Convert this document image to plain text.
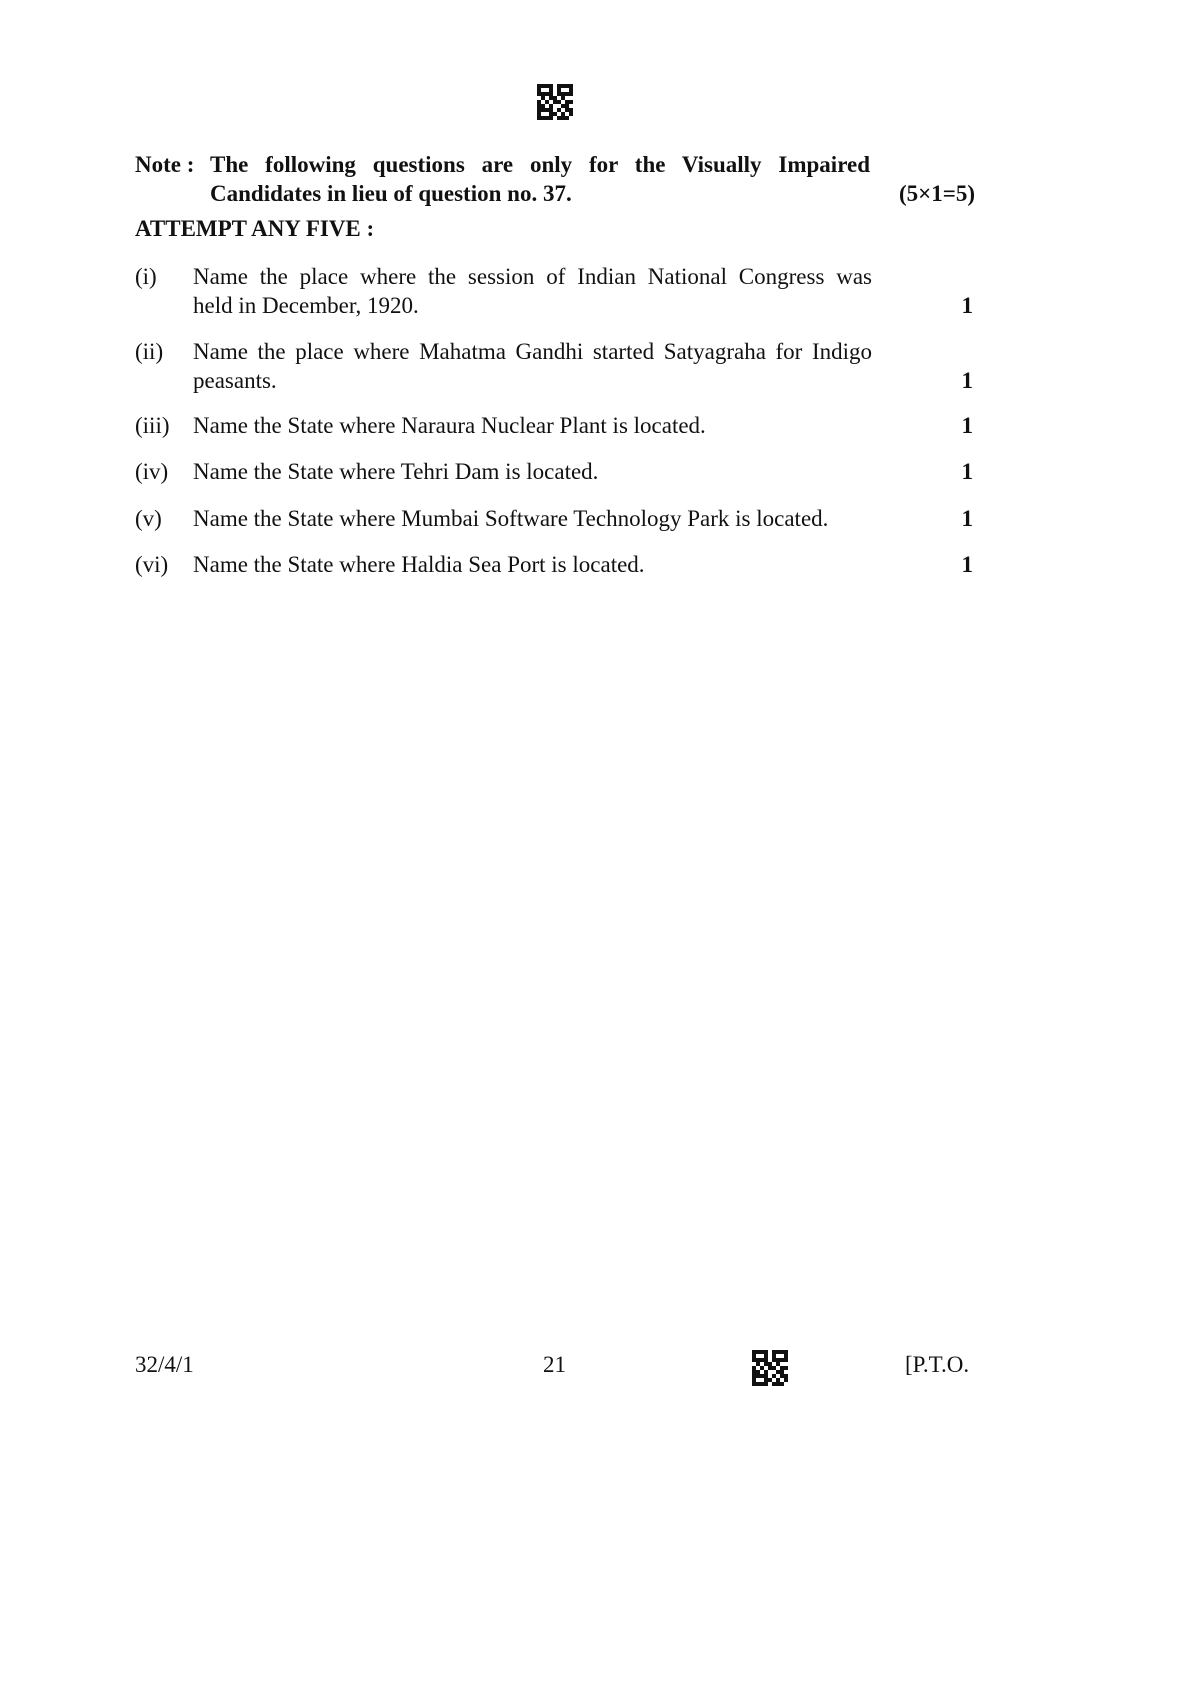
Note : The following questions are only for the Visually Impaired
Candidates in lieu of question no. 37.	(5×1=5)
ATTEMPT ANY FIVE :
(i) Name the place where the session of Indian National Congress was
held in December, 1920.	1
(ii) Name the place where Mahatma Gandhi started Satyagraha for Indigo
peasants.	1
(iii) Name the State where Naraura Nuclear Plant is located.	1
(iv) Name the State where Tehri Dam is located.	1
(v) Name the State where Mumbai Software Technology Park is located.	1
(vi) Name the State where Haldia Sea Port is located.	1
32/4/1	21	[P.T.O.
